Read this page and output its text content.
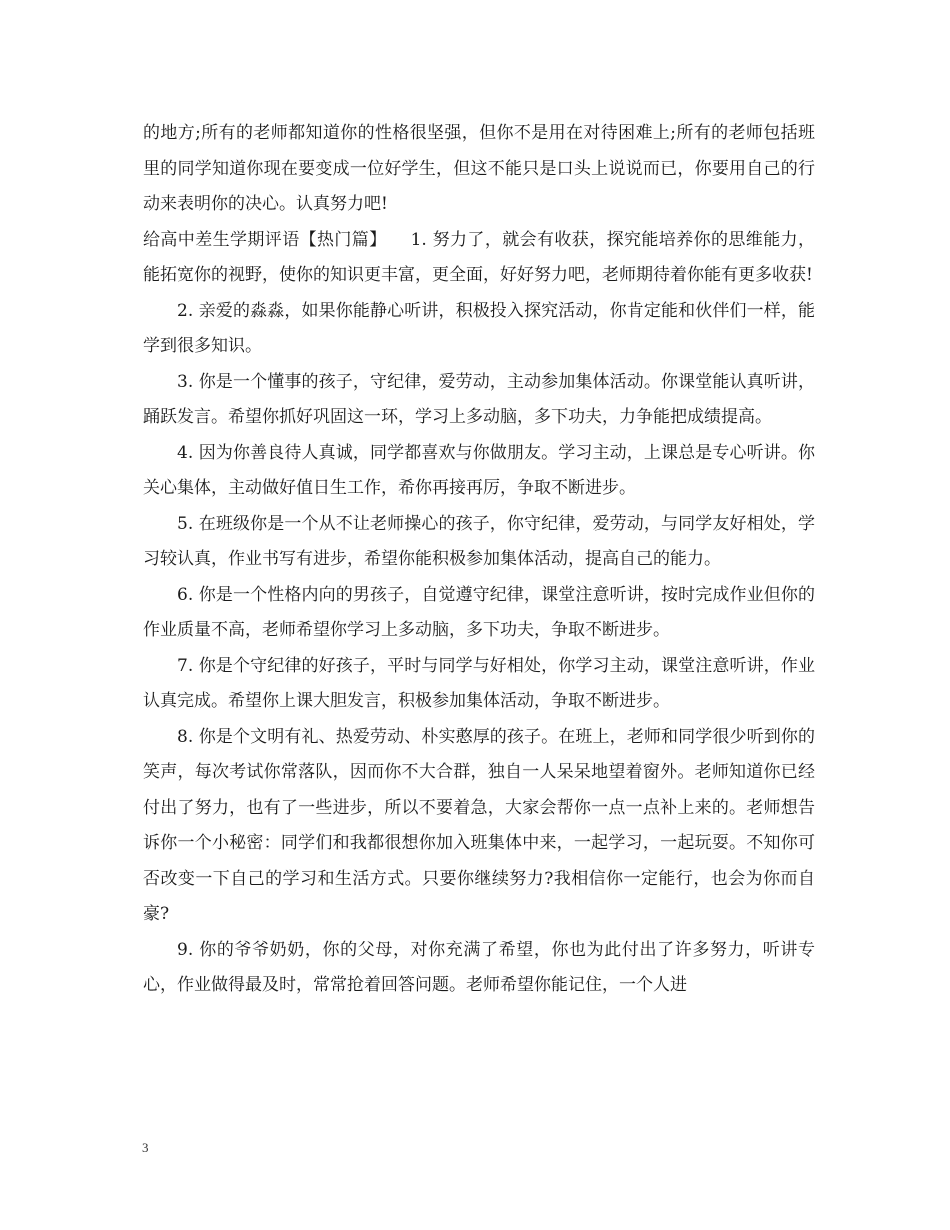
的地方;所有的老师都知道你的性格很坚强，但你不是用在对待困难上;所有的老师包括班里的同学知道你现在要变成一位好学生，但这不能只是口头上说说而已，你要用自己的行动来表明你的决心。认真努力吧!

给高中差生学期评语【热门篇】 1. 努力了，就会有收获，探究能培养你的思维能力，能拓宽你的视野，使你的知识更丰富，更全面，好好努力吧，老师期待着你能有更多收获!

2. 亲爱的淼淼，如果你能静心听讲，积极投入探究活动，你肯定能和伙伴们一样，能学到很多知识。

3. 你是一个懂事的孩子，守纪律，爱劳动，主动参加集体活动。你课堂能认真听讲，踊跃发言。希望你抓好巩固这一环，学习上多动脑，多下功夫，力争能把成绩提高。

4. 因为你善良待人真诚，同学都喜欢与你做朋友。学习主动，上课总是专心听讲。你关心集体，主动做好值日生工作，希你再接再厉，争取不断进步。

5. 在班级你是一个从不让老师操心的孩子，你守纪律，爱劳动，与同学友好相处，学习较认真，作业书写有进步，希望你能积极参加集体活动，提高自己的能力。

6. 你是一个性格内向的男孩子，自觉遵守纪律，课堂注意听讲，按时完成作业但你的作业质量不高，老师希望你学习上多动脑，多下功夫，争取不断进步。

7. 你是个守纪律的好孩子，平时与同学与好相处，你学习主动，课堂注意听讲，作业认真完成。希望你上课大胆发言，积极参加集体活动，争取不断进步。

8. 你是个文明有礼、热爱劳动、朴实憨厚的孩子。在班上，老师和同学很少听到你的笑声，每次考试你常落队，因而你不大合群，独自一人呆呆地望着窗外。老师知道你已经付出了努力，也有了一些进步，所以不要着急，大家会帮你一点一点补上来的。老师想告诉你一个小秘密：同学们和我都很想你加入班集体中来，一起学习，一起玩耍。不知你可否改变一下自己的学习和生活方式。只要你继续努力?我相信你一定能行，也会为你而自豪?

9. 你的爷爷奶奶，你的父母，对你充满了希望，你也为此付出了许多努力，听讲专心，作业做得最及时，常常抢着回答问题。老师希望你能记住，一个人进

3
